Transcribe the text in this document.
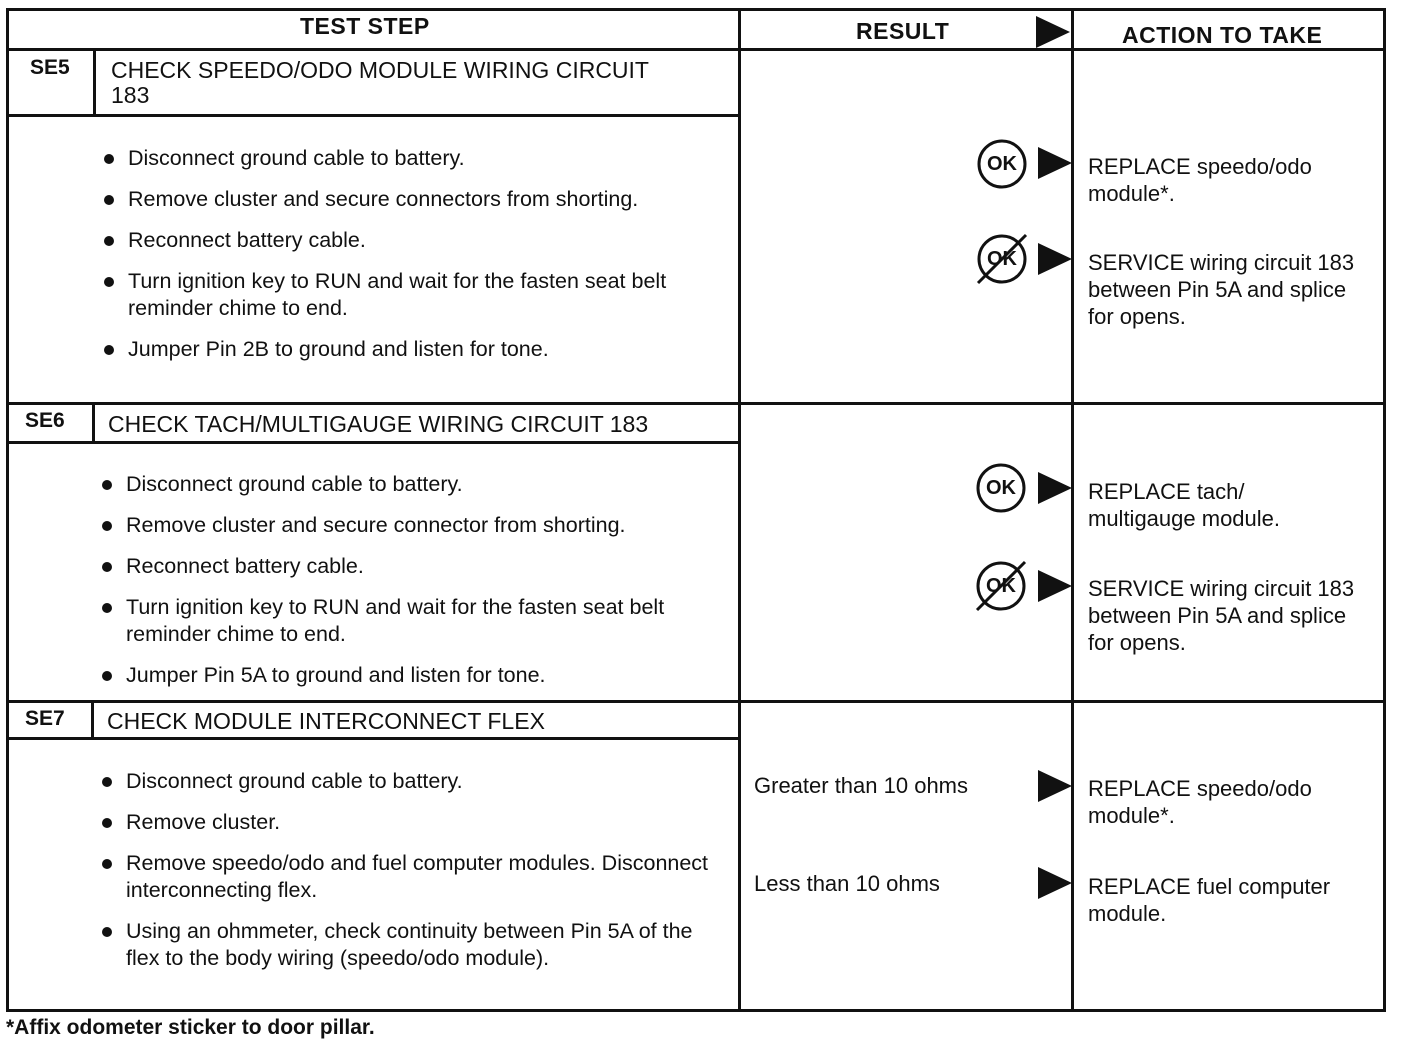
TEST STEP	RESULT	ACTION TO TAKE
SE5 CHECK SPEEDO/ODO MODULE WIRING CIRCUIT
183
Disconnect ground cable to battery.
Remove cluster and secure connectors from shorting.
Reconnect battery cable.
Turn ignition key to RUN and wait for the fasten seat belt reminder chime to end.
Jumper Pin 2B to ground and listen for tone.
OK	REPLACE speedo/odo module*.
OK	SERVICE wiring circuit 183 between Pin 5A and splice for opens.
SE6 CHECK TACH/MULTIGAUGE WIRING CIRCUIT 183
Disconnect ground cable to battery.
Remove cluster and secure connector from shorting.
Reconnect battery cable.
Turn ignition key to RUN and wait for the fasten seat belt reminder chime to end.
Jumper Pin 5A to ground and listen for tone.
OK	REPLACE tach/ multigauge module.
OK	SERVICE wiring circuit 183 between Pin 5A and splice for opens.
SE7 CHECK MODULE INTERCONNECT FLEX
Disconnect ground cable to battery.
Remove cluster.
Remove speedo/odo and fuel computer modules. Disconnect interconnecting flex.
Using an ohmmeter, check continuity between Pin 5A of the flex to the body wiring (speedo/odo module).
Greater than 10 ohms	REPLACE speedo/odo module*.
Less than 10 ohms	REPLACE fuel computer module.
*Affix odometer sticker to door pillar.
